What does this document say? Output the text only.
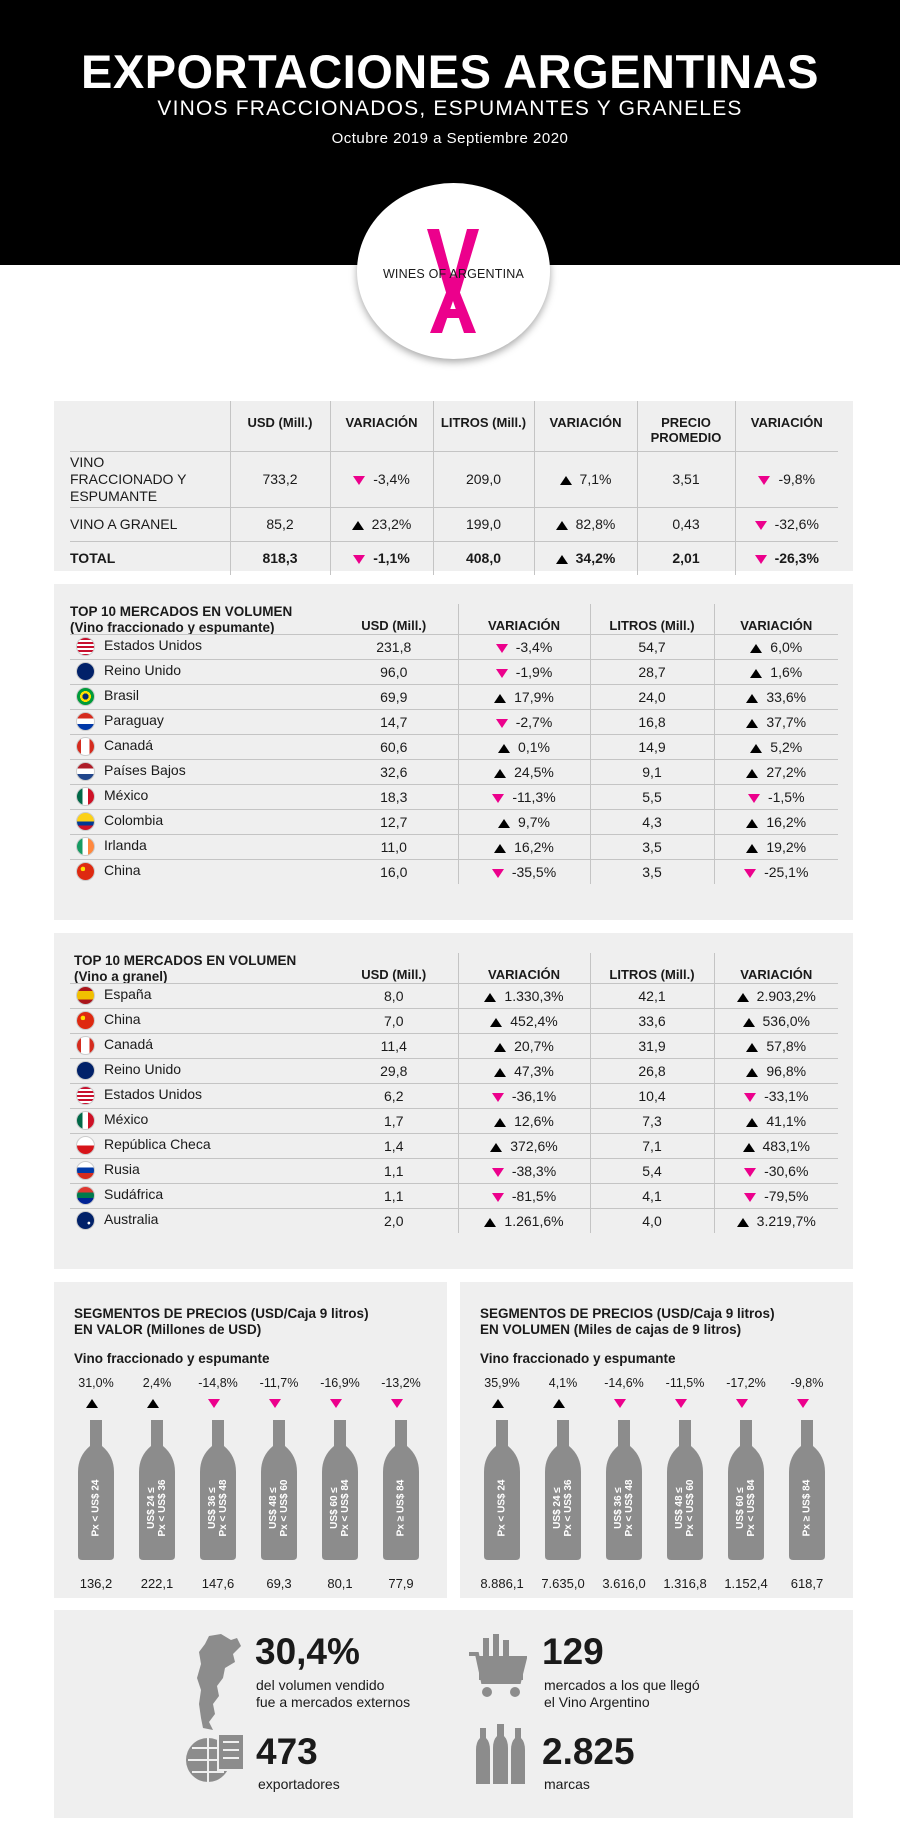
EXPORTACIONES ARGENTINAS
VINOS FRACCIONADOS, ESPUMANTES Y GRANELES
Octubre 2019 a Septiembre 2020
WINES OF ARGENTINA
	USD (Mill.)	VARIACIÓN	LITROS (Mill.)	VARIACIÓN	PRECIO PROMEDIO	VARIACIÓN
VINO FRACCIONADO Y ESPUMANTE	733,2	-3,4%	209,0	7,1%	3,51	-9,8%
VINO A GRANEL	85,2	23,2%	199,0	82,8%	0,43	-32,6%
TOTAL	818,3	-1,1%	408,0	34,2%	2,01	-26,3%
TOP 10 MERCADOS EN VOLUMEN
(Vino fraccionado y espumante)
		USD (Mill.)	VARIACIÓN	LITROS (Mill.)	VARIACIÓN
Estados Unidos	231,8	-3,4%	54,7	6,0%
Reino Unido	96,0	-1,9%	28,7	1,6%
Brasil	69,9	17,9%	24,0	33,6%
Paraguay	14,7	-2,7%	16,8	37,7%
Canadá	60,6	0,1%	14,9	5,2%
Países Bajos	32,6	24,5%	9,1	27,2%
México	18,3	-11,3%	5,5	-1,5%
Colombia	12,7	9,7%	4,3	16,2%
Irlanda	11,0	16,2%	3,5	19,2%
China	16,0	-35,5%	3,5	-25,1%
TOP 10 MERCADOS EN VOLUMEN
(Vino a granel)
		USD (Mill.)	VARIACIÓN	LITROS (Mill.)	VARIACIÓN
España	8,0	1.330,3%	42,1	2.903,2%
China	7,0	452,4%	33,6	536,0%
Canadá	11,4	20,7%	31,9	57,8%
Reino Unido	29,8	47,3%	26,8	96,8%
Estados Unidos	6,2	-36,1%	10,4	-33,1%
México	1,7	12,6%	7,3	41,1%
República Checa	1,4	372,6%	7,1	483,1%
Rusia	1,1	-38,3%	5,4	-30,6%
Sudáfrica	1,1	-81,5%	4,1	-79,5%
Australia	2,0	1.261,6%	4,0	3.219,7%
SEGMENTOS DE PRECIOS (USD/Caja 9 litros)
EN VALOR (Millones de USD)
Vino fraccionado y espumante
31,0%
Px < US$ 24
136,2
2,4%
US$ 24 ≤ Px < US$ 36
222,1
-14,8%
US$ 36 ≤ Px < US$ 48
147,6
-11,7%
US$ 48 ≤ Px < US$ 60
69,3
-16,9%
US$ 60 ≤ Px < US$ 84
80,1
-13,2%
Px ≥ US$ 84
77,9
SEGMENTOS DE PRECIOS (USD/Caja 9 litros)
EN VOLUMEN (Miles de cajas de 9 litros)
Vino fraccionado y espumante
35,9%
Px < US$ 24
8.886,1
4,1%
US$ 24 ≤ Px < US$ 36
7.635,0
-14,6%
US$ 36 ≤ Px < US$ 48
3.616,0
-11,5%
US$ 48 ≤ Px < US$ 60
1.316,8
-17,2%
US$ 60 ≤ Px < US$ 84
1.152,4
-9,8%
Px ≥ US$ 84
618,7
30,4%
del volumen vendido
fue a mercados externos
129
mercados a los que llegó
el Vino Argentino
473
exportadores
2.825
marcas
